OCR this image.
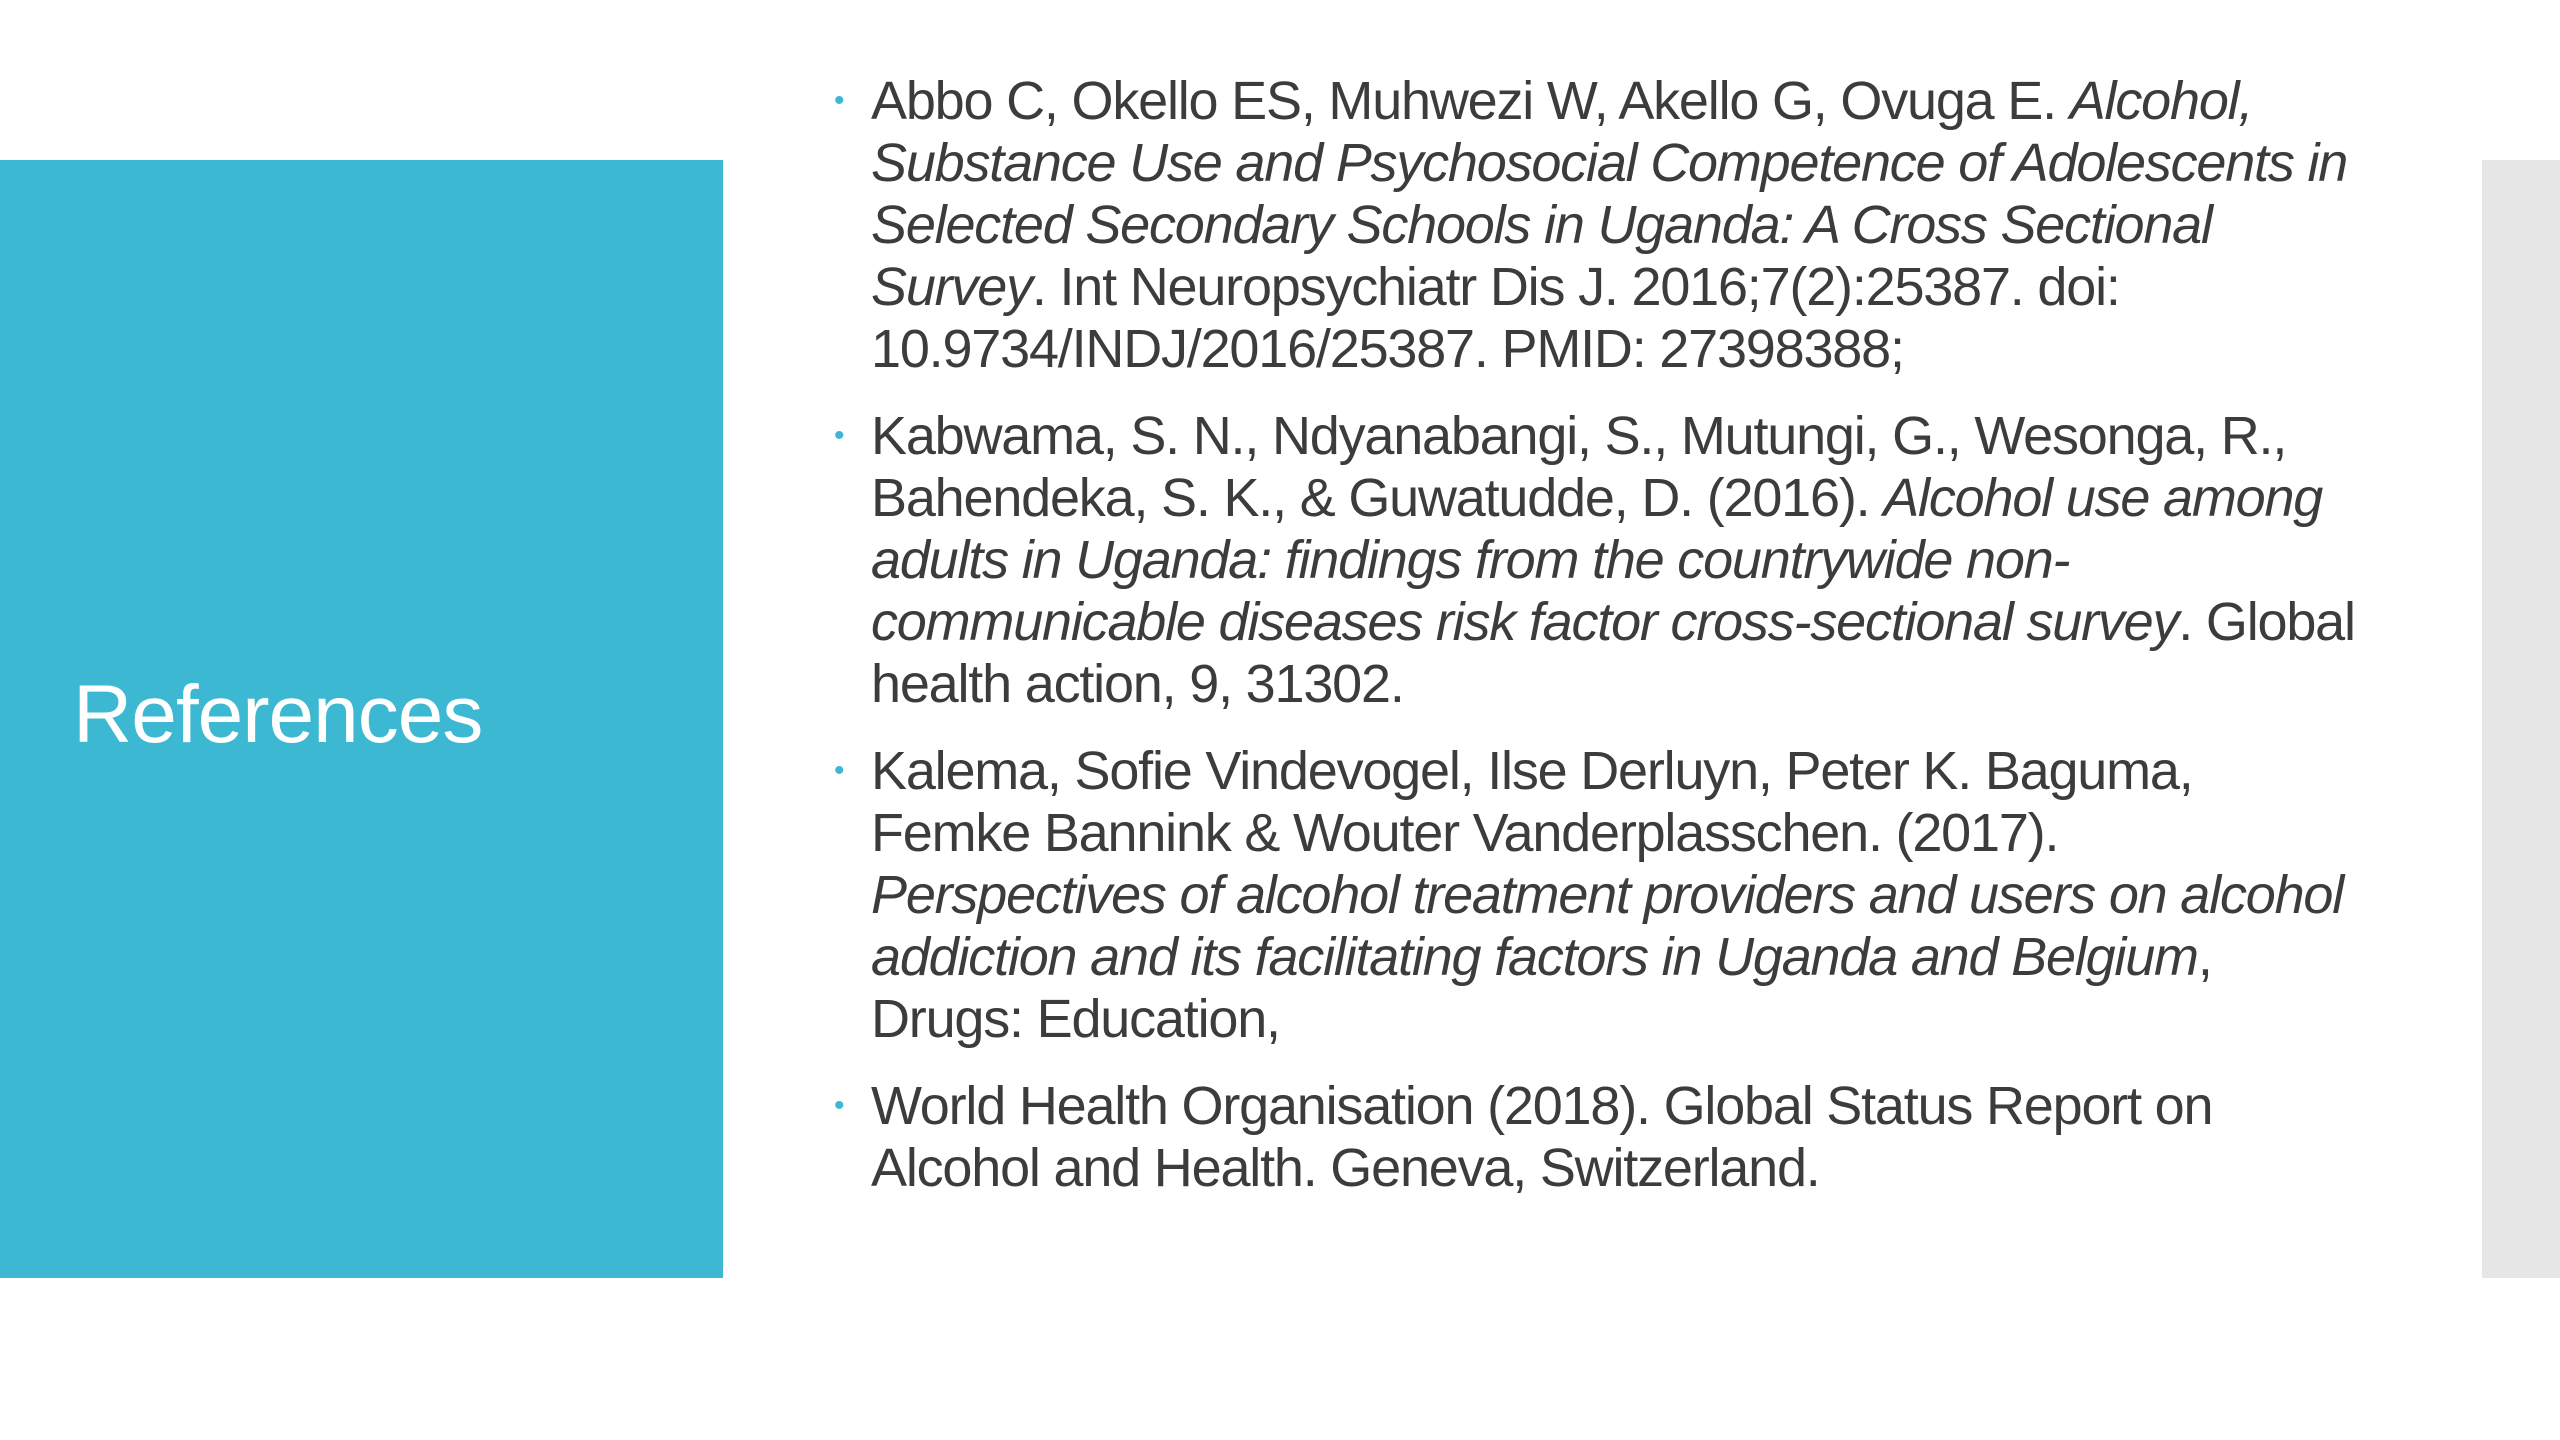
References
• Abbo C, Okello ES, Muhwezi W, Akello G, Ovuga E. Alcohol, Substance Use and Psychosocial Competence of Adolescents in Selected Secondary Schools in Uganda: A Cross Sectional Survey. Int Neuropsychiatr Dis J. 2016;7(2):25387. doi: 10.9734/INDJ/2016/25387. PMID: 27398388;
• Kabwama, S. N., Ndyanabangi, S., Mutungi, G., Wesonga, R., Bahendeka, S. K., & Guwatudde, D. (2016). Alcohol use among adults in Uganda: findings from the countrywide non-communicable diseases risk factor cross-sectional survey. Global health action, 9, 31302.
• Kalema, Sofie Vindevogel, Ilse Derluyn, Peter K. Baguma, Femke Bannink & Wouter Vanderplasschen. (2017). Perspectives of alcohol treatment providers and users on alcohol addiction and its facilitating factors in Uganda and Belgium, Drugs: Education,
• World Health Organisation (2018). Global Status Report on Alcohol and Health. Geneva, Switzerland.
